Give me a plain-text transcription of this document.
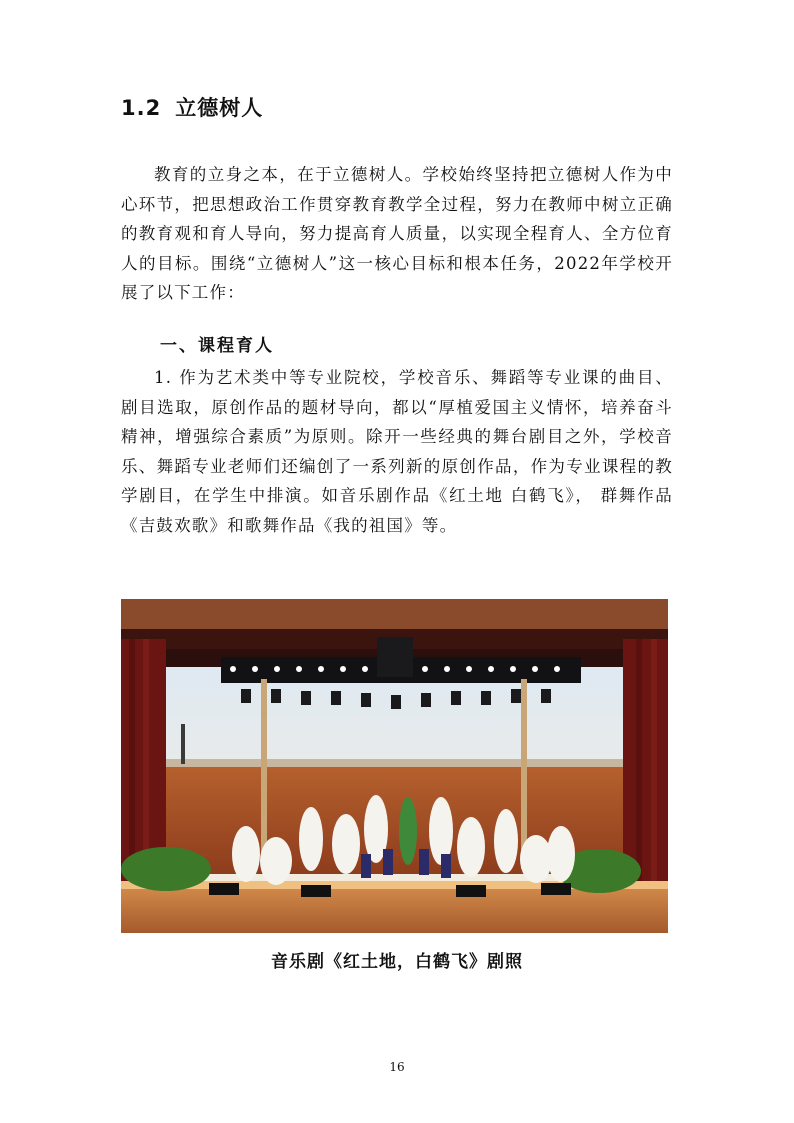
1.2 立德树人

教育的立身之本，在于立德树人。学校始终坚持把立德树人作为中心环节，把思想政治工作贯穿教育教学全过程，努力在教师中树立正确的教育观和育人导向，努力提高育人质量，以实现全程育人、全方位育人的目标。围绕“立德树人”这一核心目标和根本任务，2022年学校开展了以下工作：

一、课程育人

1. 作为艺术类中等专业院校，学校音乐、舞蹈等专业课的曲目、剧目选取，原创作品的题材导向，都以“厚植爱国主义情怀，培养奋斗精神，增强综合素质”为原则。除开一些经典的舞台剧目之外，学校音乐、舞蹈专业老师们还编创了一系列新的原创作品，作为专业课程的教学剧目，在学生中排演。如音乐剧作品《红土地 白鹤飞》， 群舞作品《吉鼓欢歌》和歌舞作品《我的祖国》等。

音乐剧《红土地，白鹤飞》剧照
16
